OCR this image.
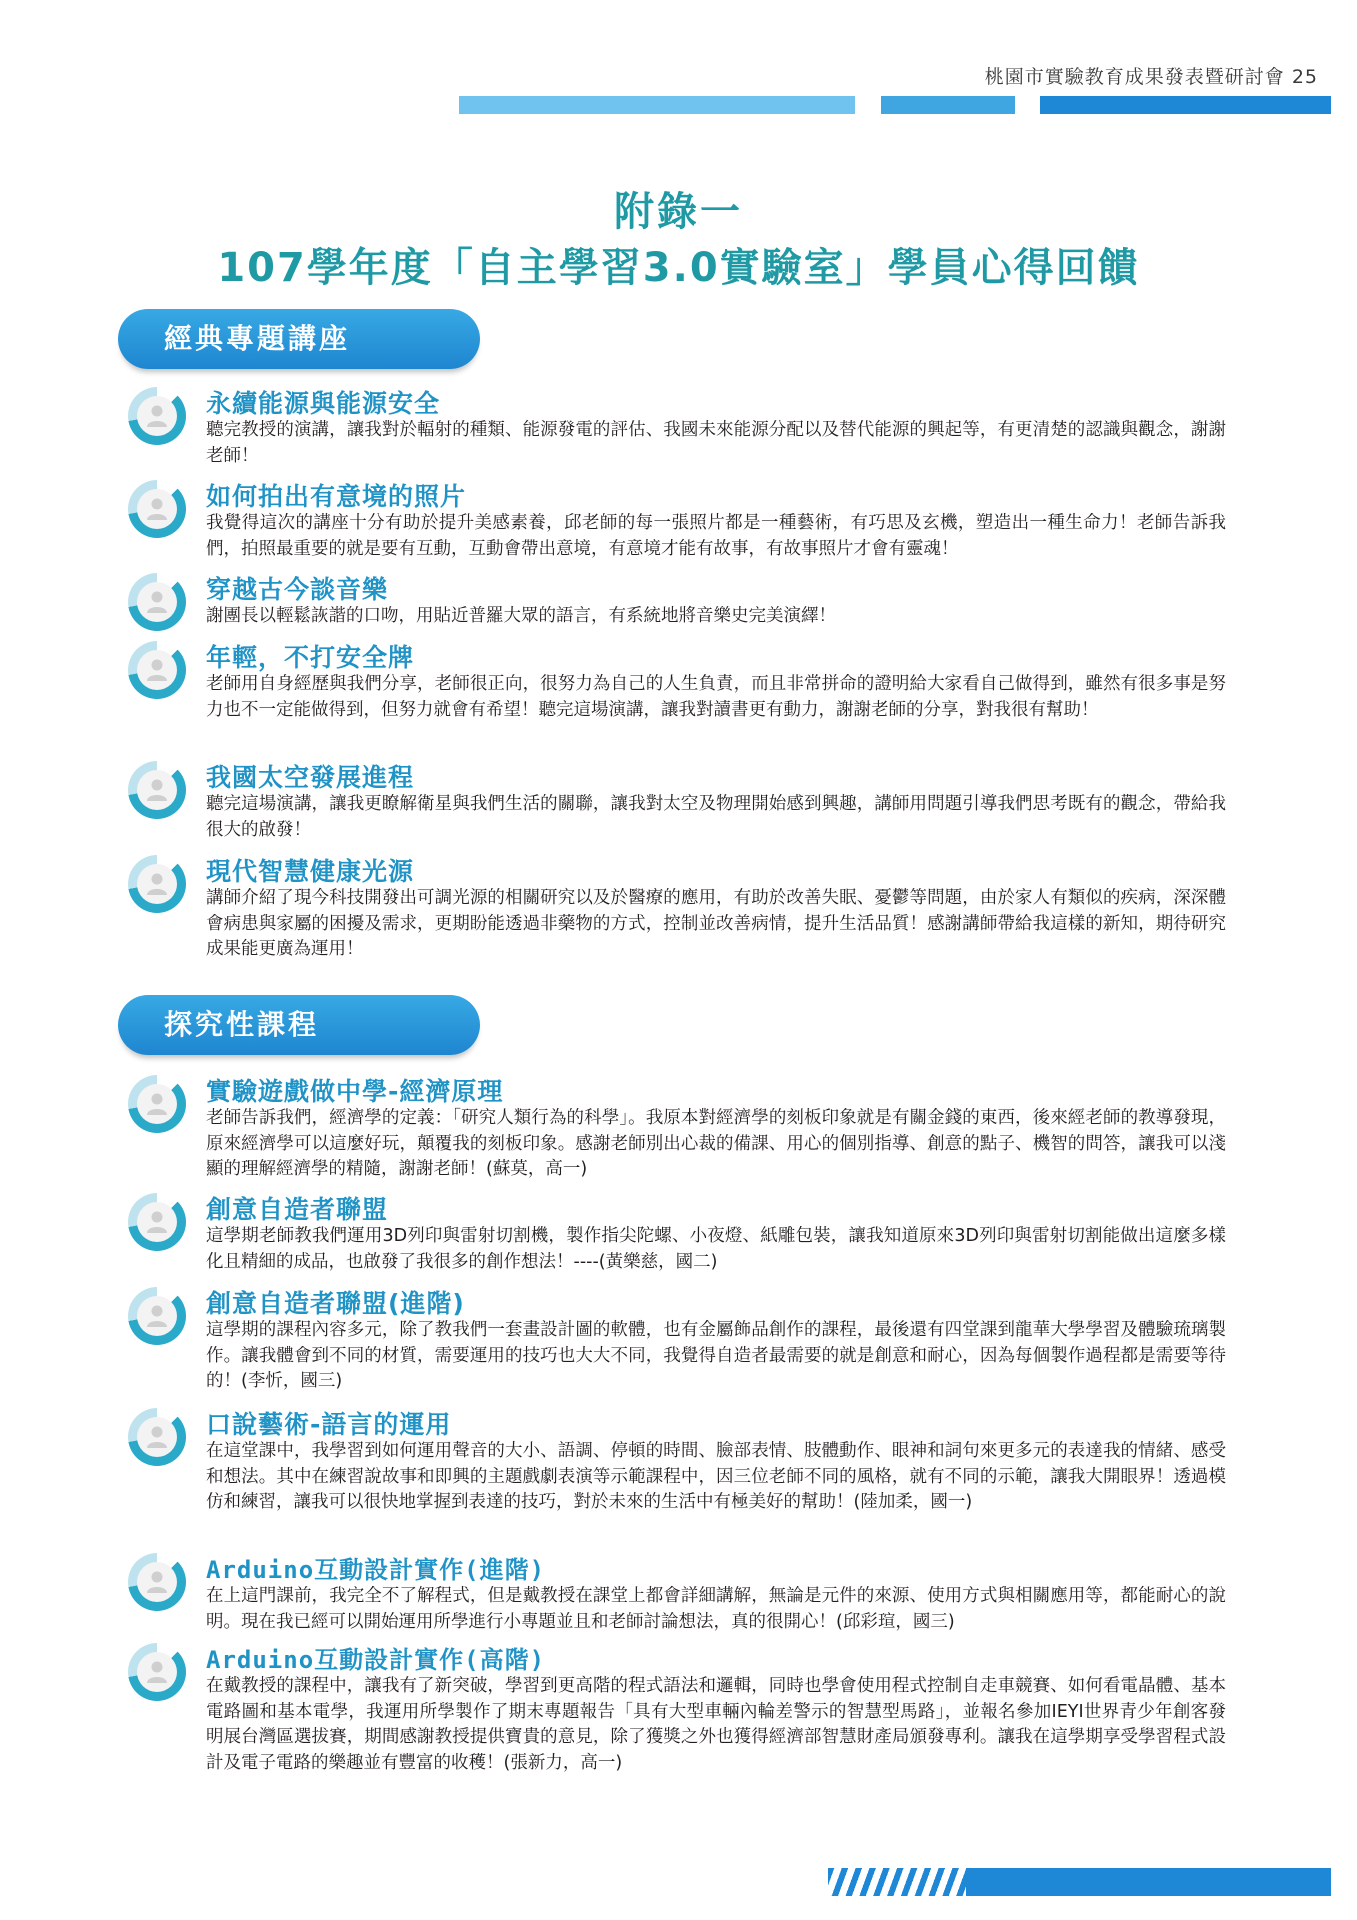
桃園市實驗教育成果發表暨研討會 25
附錄一
107學年度「自主學習3.0實驗室」學員心得回饋
經典專題講座
永續能源與能源安全
聽完教授的演講，讓我對於輻射的種類、能源發電的評估、我國未來能源分配以及替代能源的興起等，有更清楚的認識與觀念，謝謝老師！
如何拍出有意境的照片
我覺得這次的講座十分有助於提升美感素養，邱老師的每一張照片都是一種藝術，有巧思及玄機，塑造出一種生命力！老師告訴我們，拍照最重要的就是要有互動，互動會帶出意境，有意境才能有故事，有故事照片才會有靈魂！
穿越古今談音樂
謝團長以輕鬆詼諧的口吻，用貼近普羅大眾的語言，有系統地將音樂史完美演繹！
年輕，不打安全牌
老師用自身經歷與我們分享，老師很正向，很努力為自己的人生負責，而且非常拼命的證明給大家看自己做得到，雖然有很多事是努力也不一定能做得到，但努力就會有希望！聽完這場演講，讓我對讀書更有動力，謝謝老師的分享，對我很有幫助！
我國太空發展進程
聽完這場演講，讓我更瞭解衛星與我們生活的關聯，讓我對太空及物理開始感到興趣，講師用問題引導我們思考既有的觀念，帶給我很大的啟發！
現代智慧健康光源
講師介紹了現今科技開發出可調光源的相關研究以及於醫療的應用，有助於改善失眠、憂鬱等問題，由於家人有類似的疾病，深深體會病患與家屬的困擾及需求，更期盼能透過非藥物的方式，控制並改善病情，提升生活品質！感謝講師帶給我這樣的新知，期待研究成果能更廣為運用！
探究性課程
實驗遊戲做中學-經濟原理
老師告訴我們，經濟學的定義：「研究人類行為的科學」。我原本對經濟學的刻板印象就是有關金錢的東西，後來經老師的教導發現，原來經濟學可以這麼好玩，顛覆我的刻板印象。感謝老師別出心裁的備課、用心的個別指導、創意的點子、機智的問答，讓我可以淺顯的理解經濟學的精隨，謝謝老師！(蘇莫，高一)
創意自造者聯盟
這學期老師教我們運用3D列印與雷射切割機，製作指尖陀螺、小夜燈、紙雕包裝，讓我知道原來3D列印與雷射切割能做出這麼多樣化且精細的成品，也啟發了我很多的創作想法！----(黃樂慈，國二)
創意自造者聯盟(進階)
這學期的課程內容多元，除了教我們一套畫設計圖的軟體，也有金屬飾品創作的課程，最後還有四堂課到龍華大學學習及體驗琉璃製作。讓我體會到不同的材質，需要運用的技巧也大大不同，我覺得自造者最需要的就是創意和耐心，因為每個製作過程都是需要等待的！(李忻，國三)
口說藝術-語言的運用
在這堂課中，我學習到如何運用聲音的大小、語調、停頓的時間、臉部表情、肢體動作、眼神和詞句來更多元的表達我的情緒、感受和想法。其中在練習說故事和即興的主題戲劇表演等示範課程中，因三位老師不同的風格，就有不同的示範，讓我大開眼界！透過模仿和練習，讓我可以很快地掌握到表達的技巧，對於未來的生活中有極美好的幫助！(陸加柔，國一)
Arduino互動設計實作(進階)
在上這門課前，我完全不了解程式，但是戴教授在課堂上都會詳細講解，無論是元件的來源、使用方式與相關應用等，都能耐心的說明。現在我已經可以開始運用所學進行小專題並且和老師討論想法，真的很開心！(邱彩瑄，國三)
Arduino互動設計實作(高階)
在戴教授的課程中，讓我有了新突破，學習到更高階的程式語法和邏輯，同時也學會使用程式控制自走車競賽、如何看電晶體、基本電路圖和基本電學，我運用所學製作了期末專題報告「具有大型車輛內輪差警示的智慧型馬路」，並報名參加IEYI世界青少年創客發明展台灣區選拔賽，期間感謝教授提供寶貴的意見，除了獲獎之外也獲得經濟部智慧財產局頒發專利。讓我在這學期享受學習程式設計及電子電路的樂趣並有豐富的收穫！(張新力，高一)
